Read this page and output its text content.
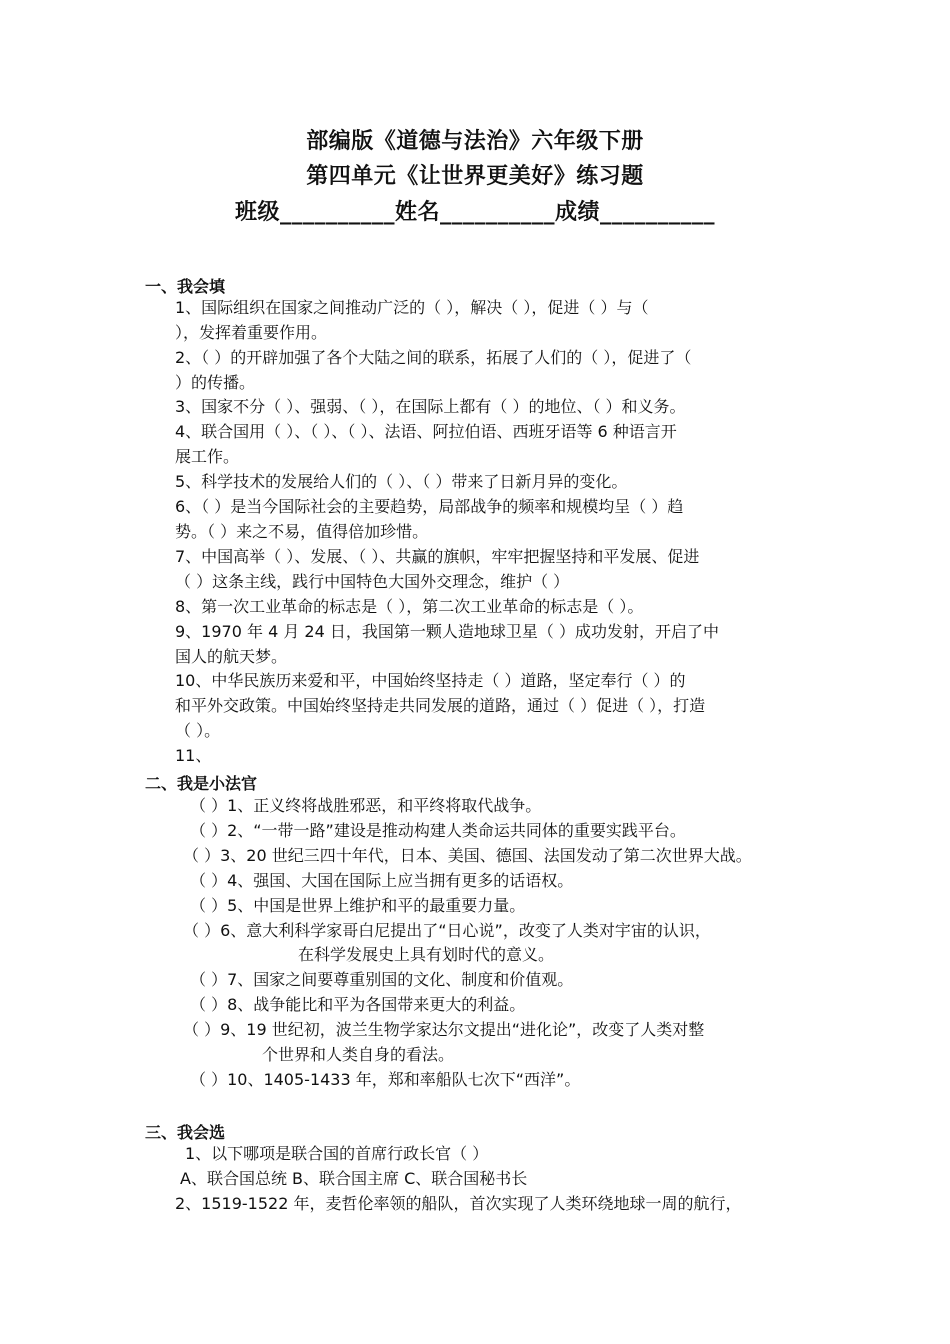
部编版《道德与法治》六年级下册
第四单元《让世界更美好》练习题
班级__________姓名__________成绩__________
一、我会填
1、国际组织在国家之间推动广泛的（ ），解决（ ），促进（ ）与（
），发挥着重要作用。
2、（ ）的开辟加强了各个大陆之间的联系，拓展了人们的（ ），促进了（
）的传播。
3、国家不分（ ）、强弱、（ ），在国际上都有（ ）的地位、（ ）和义务。
4、联合国用（ ）、（ ）、（ ）、法语、阿拉伯语、西班牙语等 6 种语言开
展工作。
5、科学技术的发展给人们的（ ）、（ ）带来了日新月异的变化。
6、（ ）是当今国际社会的主要趋势，局部战争的频率和规模均呈（ ）趋
势。（ ）来之不易，值得倍加珍惜。
7、中国高举（ ）、发展、（ ）、共赢的旗帜，牢牢把握坚持和平发展、促进
（ ）这条主线，践行中国特色大国外交理念，维护（ ）
8、第一次工业革命的标志是（ ），第二次工业革命的标志是（ ）。
9、1970 年 4 月 24 日，我国第一颗人造地球卫星（ ）成功发射，开启了中
国人的航天梦。
10、中华民族历来爱和平，中国始终坚持走（ ）道路，坚定奉行（ ）的
和平外交政策。中国始终坚持走共同发展的道路，通过（ ）促进（ ），打造
（ ）。
11、
二、我是小法官
（ ）1、正义终将战胜邪恶，和平终将取代战争。
（ ）2、“一带一路”建设是推动构建人类命运共同体的重要实践平台。
（ ）3、20 世纪三四十年代，日本、美国、德国、法国发动了第二次世界大战。
（ ）4、强国、大国在国际上应当拥有更多的话语权。
（ ）5、中国是世界上维护和平的最重要力量。
（ ）6、意大利科学家哥白尼提出了“日心说”，改变了人类对宇宙的认识，
在科学发展史上具有划时代的意义。
（ ）7、国家之间要尊重别国的文化、制度和价值观。
（ ）8、战争能比和平为各国带来更大的利益。
（ ）9、19 世纪初，波兰生物学家达尔文提出“进化论”，改变了人类对整
个世界和人类自身的看法。
（ ）10、1405-1433 年，郑和率船队七次下“西洋”。
三、我会选
1、以下哪项是联合国的首席行政长官（ ）
A、联合国总统 B、联合国主席 C、联合国秘书长
2、1519-1522 年，麦哲伦率领的船队，首次实现了人类环绕地球一周的航行，
